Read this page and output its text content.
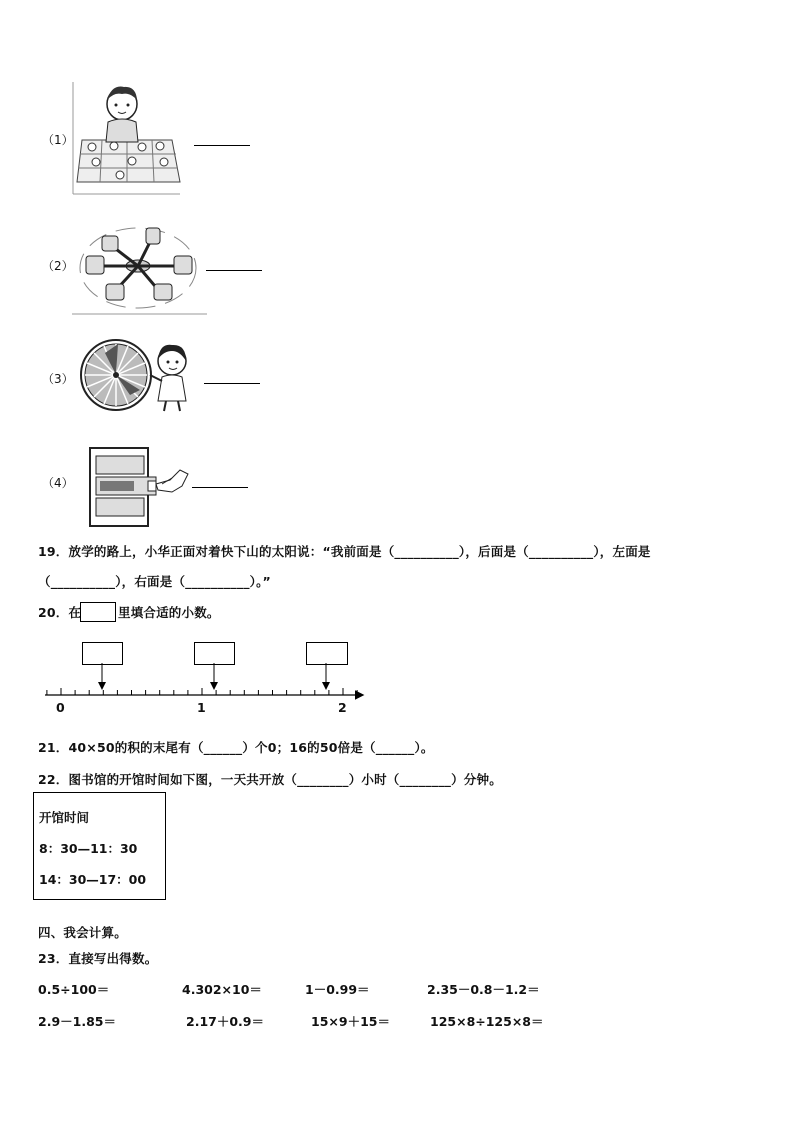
（1）
（2）
（3）
（4）
19．放学的路上，小华正面对着快下山的太阳说：“我前面是（__________），后面是（__________），左面是
（__________），右面是（__________）。”
20．在	里填合适的小数。
0	1	2
21．40×50的积的末尾有（______）个0；16的50倍是（______）。
22．图书馆的开馆时间如下图，一天共开放（________）小时（________）分钟。
开馆时间
8：30—11：30
14：30—17：00
四、我会计算。
23．直接写出得数。
0.5÷100＝	4.302×10＝	1－0.99＝	2.35－0.8－1.2＝
2.9－1.85＝	2.17＋0.9＝	15×9＋15＝	125×8÷125×8＝
